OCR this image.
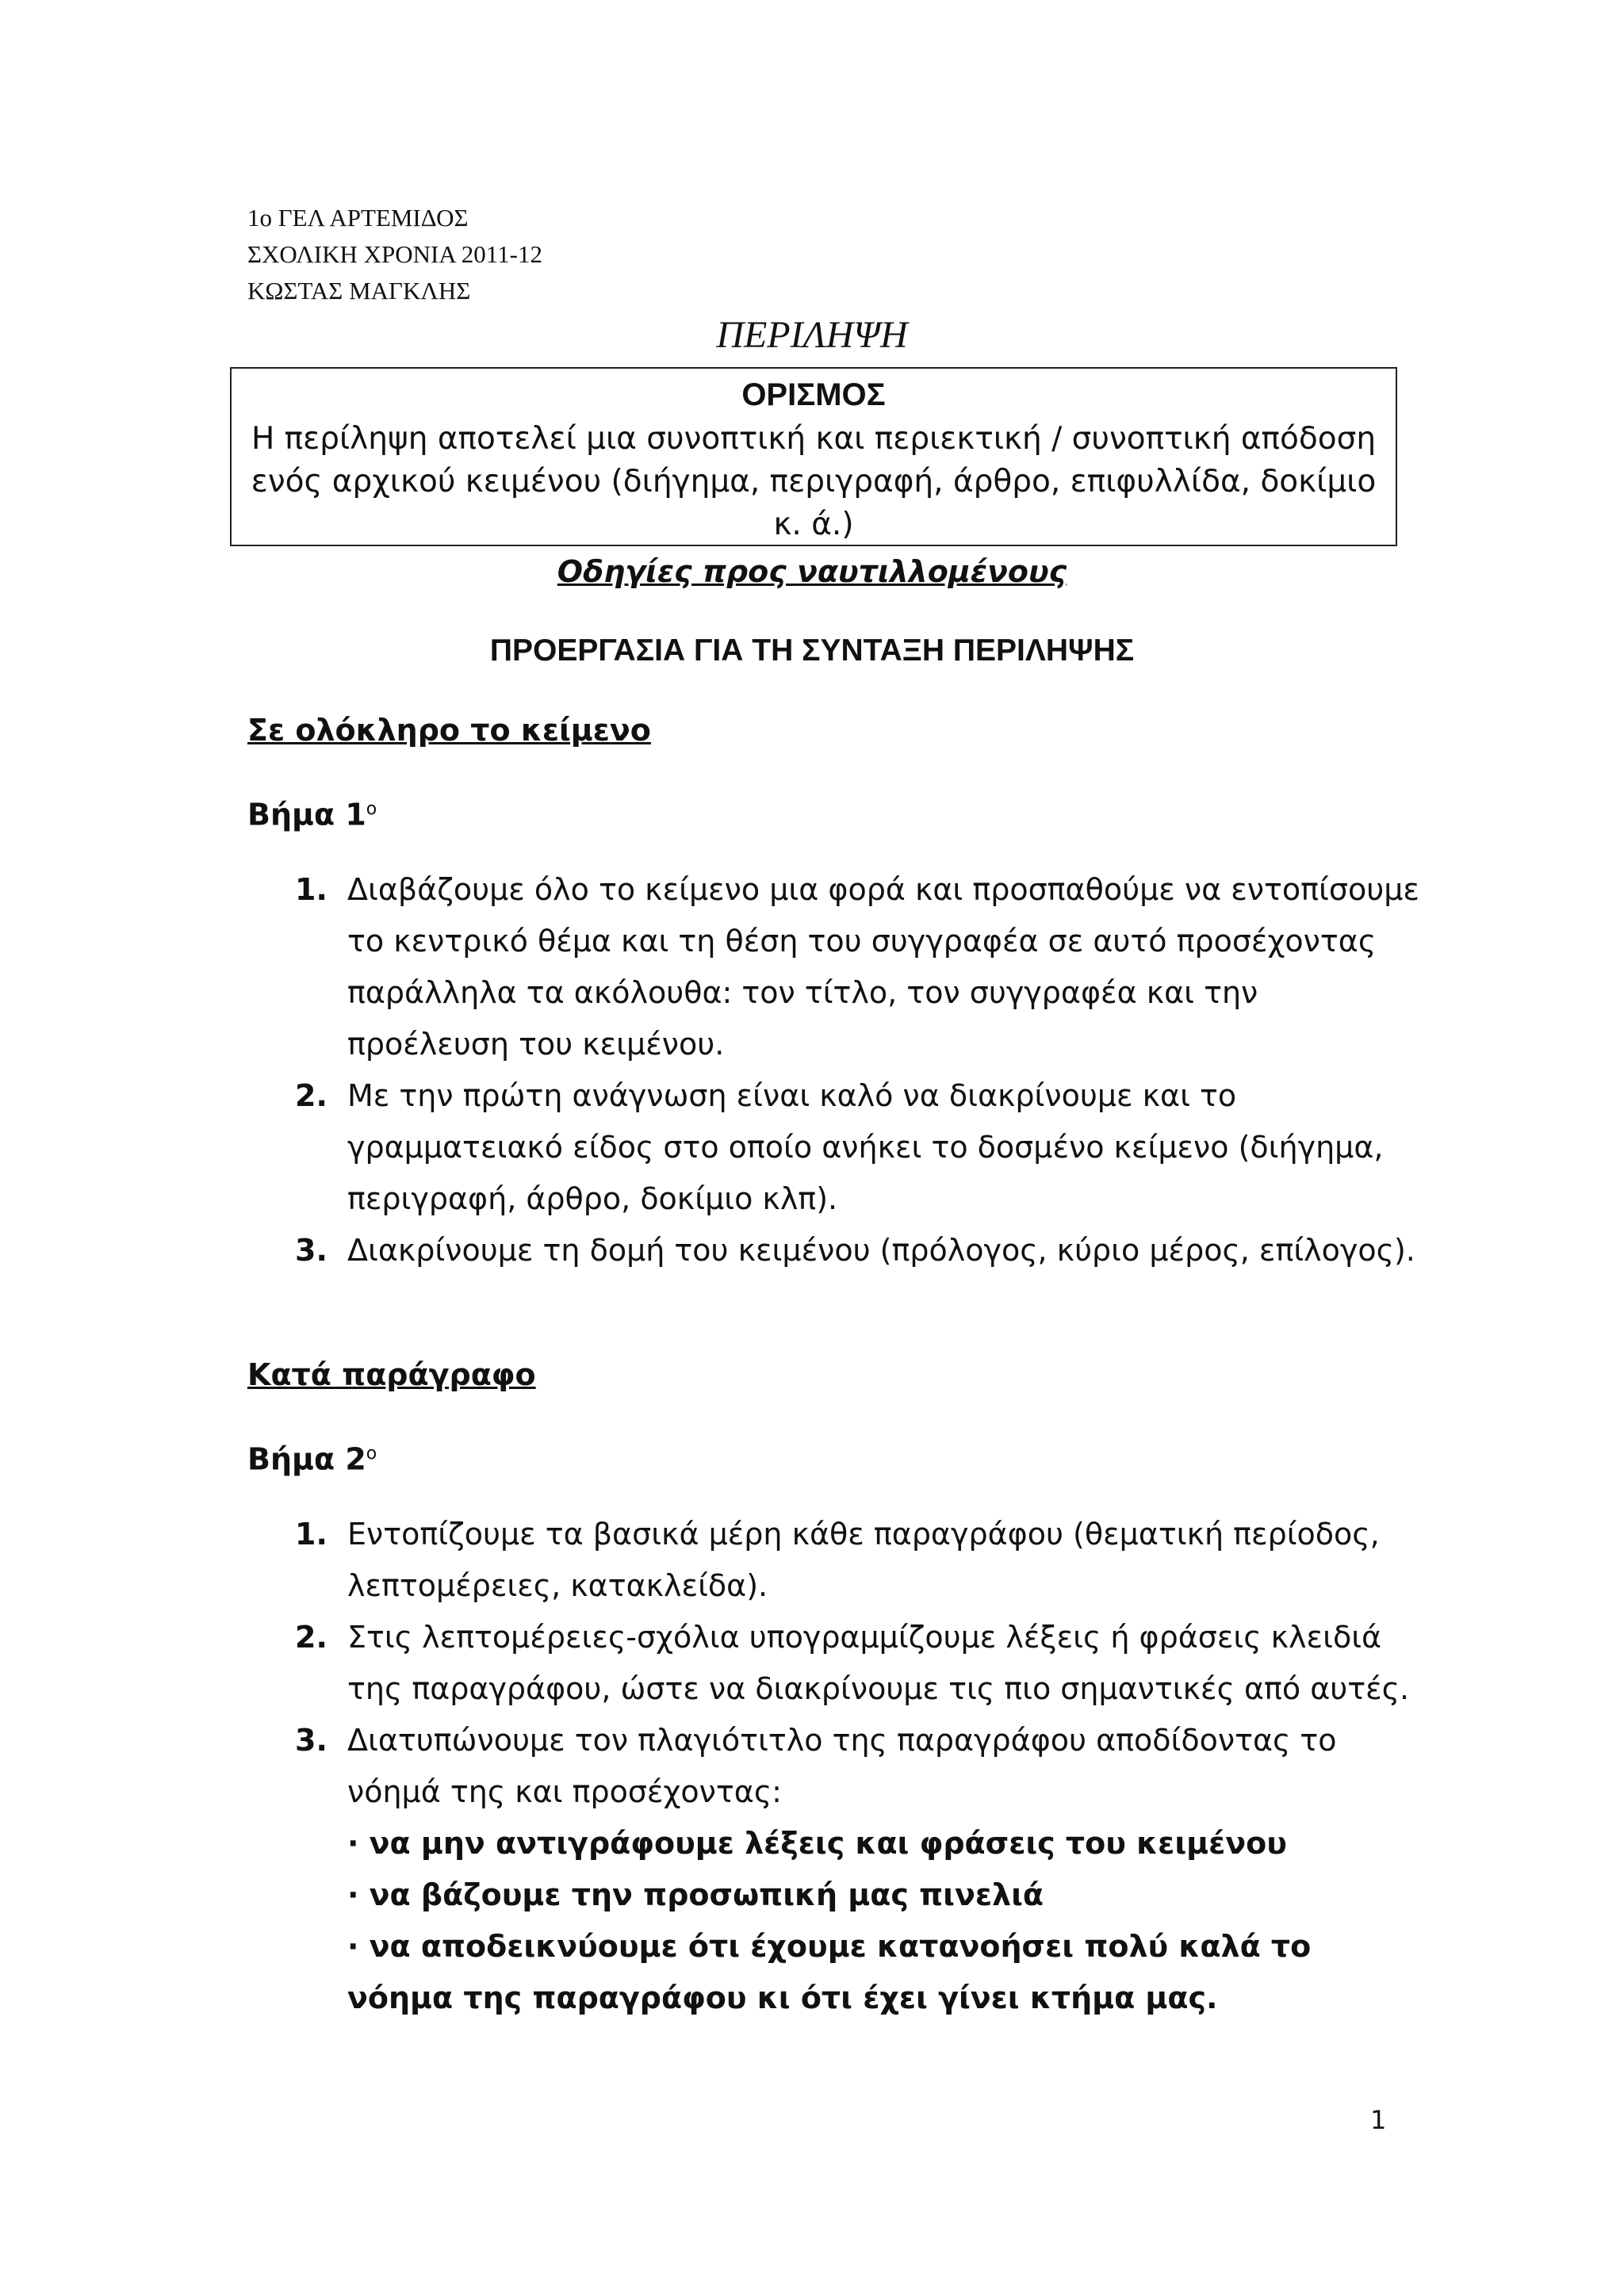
1ο ΓΕΛ ΑΡΤΕΜΙΔΟΣ
ΣΧΟΛΙΚΗ ΧΡΟΝΙΑ 2011-12
ΚΩΣΤΑΣ ΜΑΓΚΛΗΣ
ΠΕΡΙΛΗΨΗ
ΟΡΙΣΜΟΣ
Η περίληψη αποτελεί μια συνοπτική και περιεκτική / συνοπτική απόδοση ενός αρχικού κειμένου (διήγημα, περιγραφή, άρθρο, επιφυλλίδα, δοκίμιο κ. ά.)
Οδηγίες προς ναυτιλλομένους
ΠΡΟΕΡΓΑΣΙΑ ΓΙΑ ΤΗ ΣΥΝΤΑΞΗ ΠΕΡΙΛΗΨΗΣ
Σε ολόκληρο το κείμενο
Βήμα $1^o$
1. Διαβάζουμε όλο το κείμενο μια φορά και προσπαθούμε να εντοπίσουμε το κεντρικό θέμα και τη θέση του συγγραφέα σε αυτό προσέχοντας παράλληλα τα ακόλουθα: τον τίτλο, τον συγγραφέα και την προέλευση του κειμένου.
2. Με την πρώτη ανάγνωση είναι καλό να διακρίνουμε και το γραμματειακό είδος στο οποίο ανήκει το δοσμένο κείμενο (διήγημα, περιγραφή, άρθρο, δοκίμιο κλπ).
3. Διακρίνουμε τη δομή του κειμένου (πρόλογος, κύριο μέρος, επίλογος).
Κατά παράγραφο
Βήμα $2^o$
1. Εντοπίζουμε τα βασικά μέρη κάθε παραγράφου (θεματική περίοδος, λεπτομέρειες, κατακλείδα).
2. Στις λεπτομέρειες-σχόλια υπογραμμίζουμε λέξεις ή φράσεις κλειδιά της παραγράφου, ώστε να διακρίνουμε τις πιο σημαντικές από αυτές.
3. Διατυπώνουμε τον πλαγιότιτλο της παραγράφου αποδίδοντας το νόημά της και προσέχοντας:
· να μην αντιγράφουμε λέξεις και φράσεις του κειμένου
· να βάζουμε την προσωπική μας πινελιά
· να αποδεικνύουμε ότι έχουμε κατανοήσει πολύ καλά το νόημα της παραγράφου κι ότι έχει γίνει κτήμα μας.
1
